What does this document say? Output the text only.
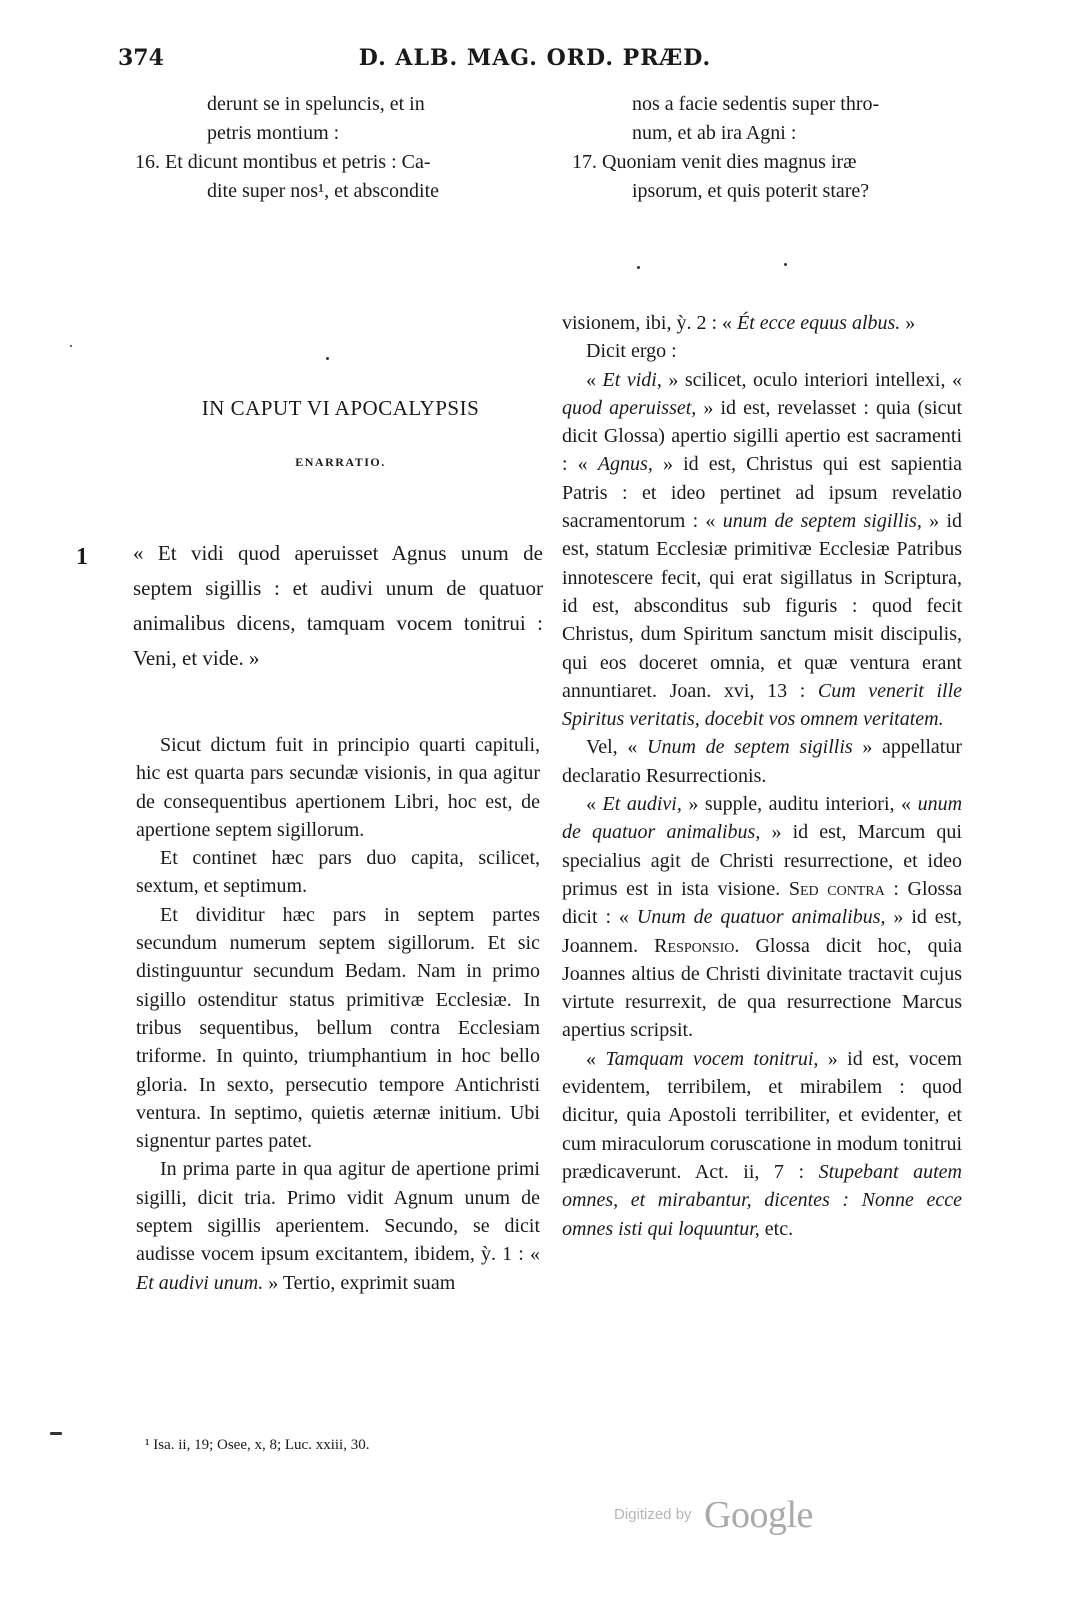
374	D. ALB. MAG. ORD. PRÆD.
derunt se in speluncis, et in
petris montium :
16. Et dicunt montibus et petris : Ca-
dite super nos¹, et abscondite
nos a facie sedentis super thro-
num, et ab ira Agni :
17. Quoniam venit dies magnus iræ
ipsorum, et quis poterit stare?
IN CAPUT VI APOCALYPSIS
ENARRATIO.
1 « Et vidi quod aperuisset Agnus unum de septem sigillis : et audivi unum de quatuor animalibus dicens, tamquam vocem tonitrui : Veni, et vide. »

Sicut dictum fuit in principio quarti capituli, hic est quarta pars secundæ visionis, in qua agitur de consequentibus apertionem Libri, hoc est, de apertione septem sigillorum.

Et continet hæc pars duo capita, scilicet, sextum, et septimum.

Et dividitur hæc pars in septem partes secundum numerum septem sigillorum. Et sic distinguuntur secundum Bedam. Nam in primo sigillo ostenditur status primitivæ Ecclesiæ. In tribus sequentibus, bellum contra Ecclesiam triforme. In quinto, triumphantium in hoc bello gloria. In sexto, persecutio tempore Antichristi ventura. In septimo, quietis æternæ initium. Ubi signentur partes patet.

In prima parte in qua agitur de apertione primi sigilli, dicit tria. Primo vidit Agnum unum de septem sigillis aperientem. Secundo, se dicit audisse vocem ipsum excitantem, ibidem, ỳ. 1 : « Et audivi unum. » Tertio, exprimit suam

visionem, ibi, ỳ. 2 : « Ét ecce equus albus. »

Dicit ergo :

« Et vidi, » scilicet, oculo interiori intellexi, « quod aperuisset, » id est, revelasset : quia (sicut dicit Glossa) apertio sigilli apertio est sacramenti : « Agnus, » id est, Christus qui est sapientia Patris : et ideo pertinet ad ipsum revelatio sacramentorum : « unum de septem sigillis, » id est, statum Ecclesiæ primitivæ Ecclesiæ Patribus innotescere fecit, qui erat sigillatus in Scriptura, id est, absconditus sub figuris : quod fecit Christus, dum Spiritum sanctum misit discipulis, qui eos doceret omnia, et quæ ventura erant annuntiaret. Joan. xvi, 13 : Cum venerit ille Spiritus veritatis, docebit vos omnem veritatem.

Vel, « Unum de septem sigillis » appellatur declaratio Resurrectionis.

« Et audivi, » supple, auditu interiori, « unum de quatuor animalibus, » id est, Marcum qui specialius agit de Christi resurrectione, et ideo primus est in ista visione. Sed contra : Glossa dicit : « Unum de quatuor animalibus, » id est, Joannem. Responsio. Glossa dicit hoc, quia Joannes altius de Christi divinitate tractavit cujus virtute resurrexit, de qua resurrectione Marcus apertius scripsit.

« Tamquam vocem tonitrui, » id est, vocem evidentem, terribilem, et mirabilem : quod dicitur, quia Apostoli terribiliter, et evidenter, et cum miraculorum coruscatione in modum tonitrui prædicaverunt. Act. ii, 7 : Stupebant autem omnes, et mirabantur, dicentes : Nonne ecce omnes isti qui loquuntur, etc.

¹ Isa. ii, 19; Osee, x, 8; Luc. xxiii, 30.
Digitized by Google
